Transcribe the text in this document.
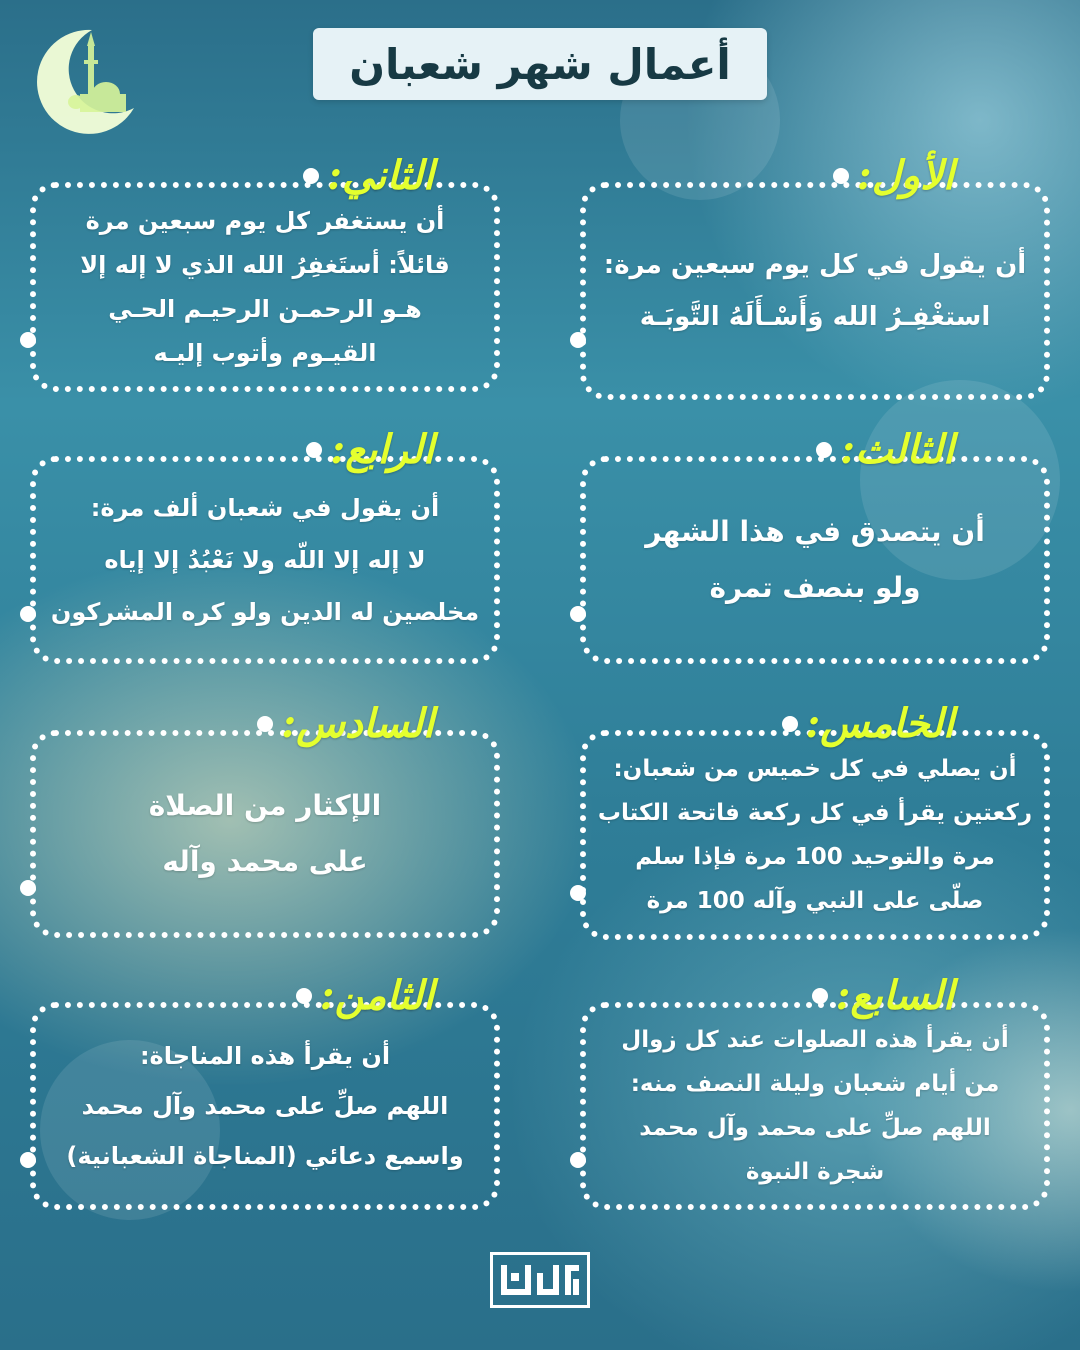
أعمال شهر شعبان
الأول:
أن يقول في كل يوم سبعين مرة:
استغْفِـرُ الله وَأَسْـأَلَهُ التَّوبَـة
الثاني:
أن يستغفر كل يوم سبعين مرة
قائلاً: أستَغفِرُ الله الذي لا إله إلا
هـو الرحمـن الرحيـم الحـي
القيـوم وأتوب إليـه
الثالث:
أن يتصدق في هذا الشهر
ولو بنصف تمرة
الرابع:
أن يقول في شعبان ألف مرة:
لا إله إلا اللّه ولا نَعْبُدُ إلا إياه
مخلصين له الدين ولو كره المشركون
الخامس:
أن يصلي في كل خميس من شعبان:
ركعتين يقرأ في كل ركعة فاتحة الكتاب
مرة والتوحيد 100 مرة فإذا سلم
صلّى على النبي وآله 100 مرة
السادس:
الإكثار من الصلاة
على محمد وآله
السابع:
أن يقرأ هذه الصلوات عند كل زوال
من أيام شعبان وليلة النصف منه:
اللهم صلِّ على محمد وآل محمد
شجرة النبوة
الثامن:
أن يقرأ هذه المناجاة:
اللهم صلِّ على محمد وآل محمد
واسمع دعائي (المناجاة الشعبانية)
